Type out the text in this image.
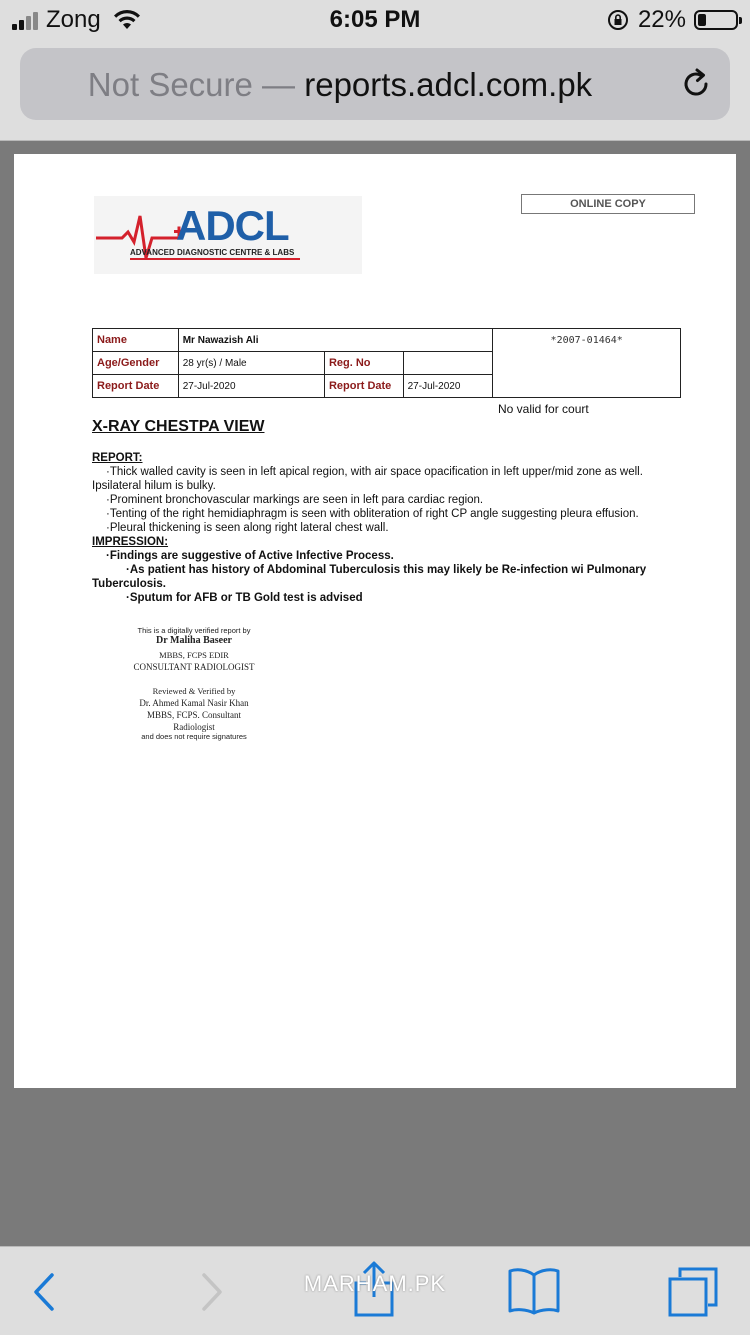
Zong	6:05 PM	22%
Not Secure — reports.adcl.com.pk
ADCL
ADVANCED DIAGNOSTIC CENTRE & LABS
ONLINE COPY
Name	Mr Nawazish Ali			*2007-01464*
Age/Gender	28 yr(s) / Male	Reg. No		
Report Date	27-Jul-2020	Report Date	27-Jul-2020	
No valid for court
X-RAY CHESTPA VIEW
REPORT:
·Thick walled cavity is seen in left apical region, with air space opacification in left upper/mid zone as well. Ipsilateral hilum is bulky.
·Prominent bronchovascular markings are seen in left para cardiac region.
·Tenting of the right hemidiaphragm is seen with obliteration of right CP angle suggesting pleura effusion.
·Pleural thickening is seen along right lateral chest wall.
IMPRESSION:
·Findings are suggestive of Active Infective Process.
·As patient has history of Abdominal Tuberculosis this may likely be Re-infection wi Pulmonary Tuberculosis.
·Sputum for AFB or TB Gold test is advised
This is a digitally verified report by
Dr Maliha Baseer
MBBS, FCPS EDIR
CONSULTANT RADIOLOGIST
Reviewed & Verified by
Dr. Ahmed Kamal Nasir Khan
MBBS, FCPS. Consultant
Radiologist
and does not require signatures
MARHAM.PK
